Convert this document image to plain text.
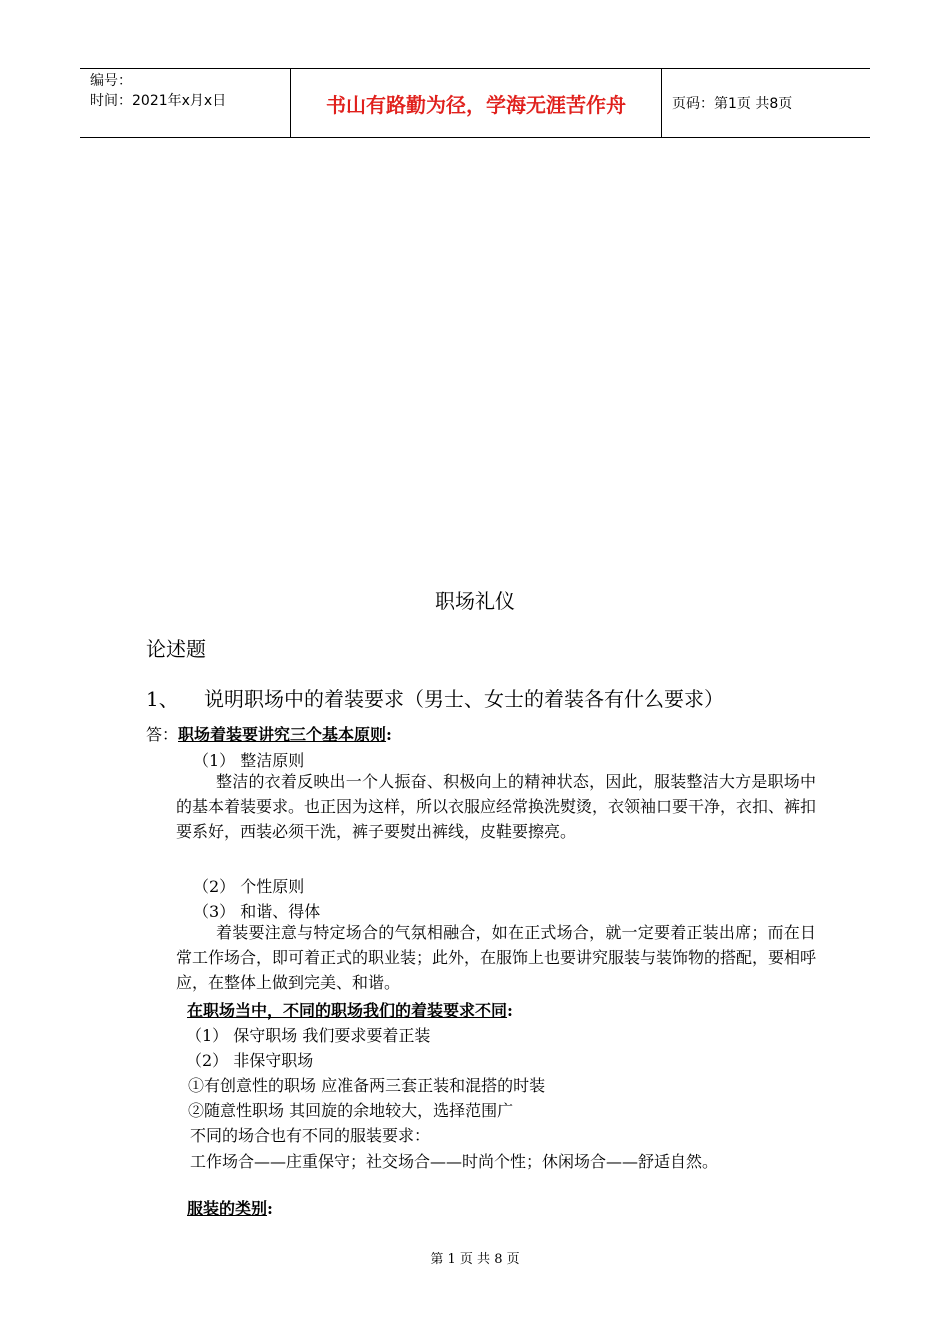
编号：
时间：2021年x月x日	书山有路勤为径，学海无涯苦作舟	页码：第1页 共8页
职场礼仪
论述题
1、 说明职场中的着装要求（男士、女士的着装各有什么要求）
答：职场着装要讲究三个基本原则:
（1） 整洁原则
整洁的衣着反映出一个人振奋、积极向上的精神状态，因此，服装整洁大方是职场中的基本着装要求。也正因为这样，所以衣服应经常换洗熨烫，衣领袖口要干净，衣扣、裤扣要系好，西装必须干洗，裤子要熨出裤线，皮鞋要擦亮。
（2） 个性原则
（3） 和谐、得体
着装要注意与特定场合的气氛相融合，如在正式场合，就一定要着正装出席；而在日常工作场合，即可着正式的职业装；此外，在服饰上也要讲究服装与装饰物的搭配，要相呼应，在整体上做到完美、和谐。
在职场当中，不同的职场我们的着装要求不同:
（1） 保守职场 我们要求要着正装
（2） 非保守职场
①有创意性的职场 应准备两三套正装和混搭的时装
②随意性职场 其回旋的余地较大，选择范围广
不同的场合也有不同的服装要求：
工作场合——庄重保守；社交场合——时尚个性；休闲场合——舒适自然。
服装的类别:
第 1 页 共 8 页
